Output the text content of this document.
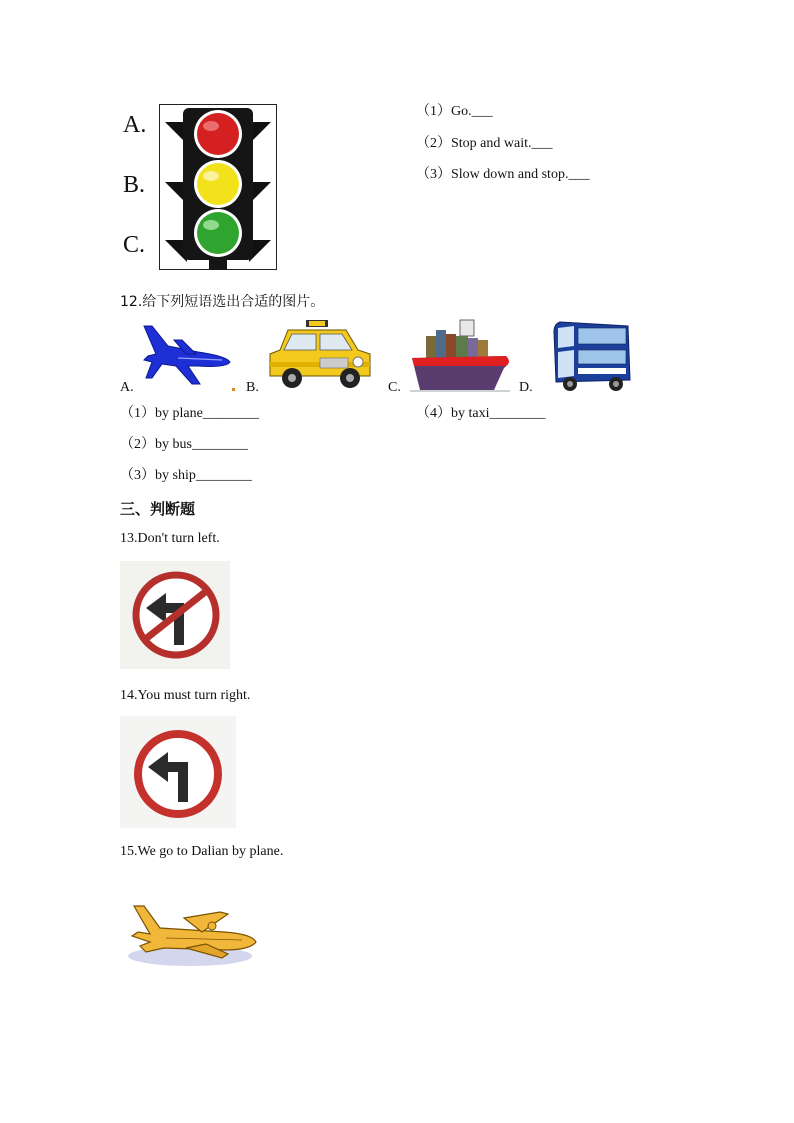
A.
B.
C.
（1）Go.___
（2）Stop and wait.___
（3）Slow down and stop.___
12.给下列短语选出合适的图片。
A.	B.	C.	D.
（1）by plane________
（2）by bus________
（3）by ship________
（4）by taxi________
三、判断题
13.Don't turn left.
14.You must turn right.
15.We go to Dalian by plane.
